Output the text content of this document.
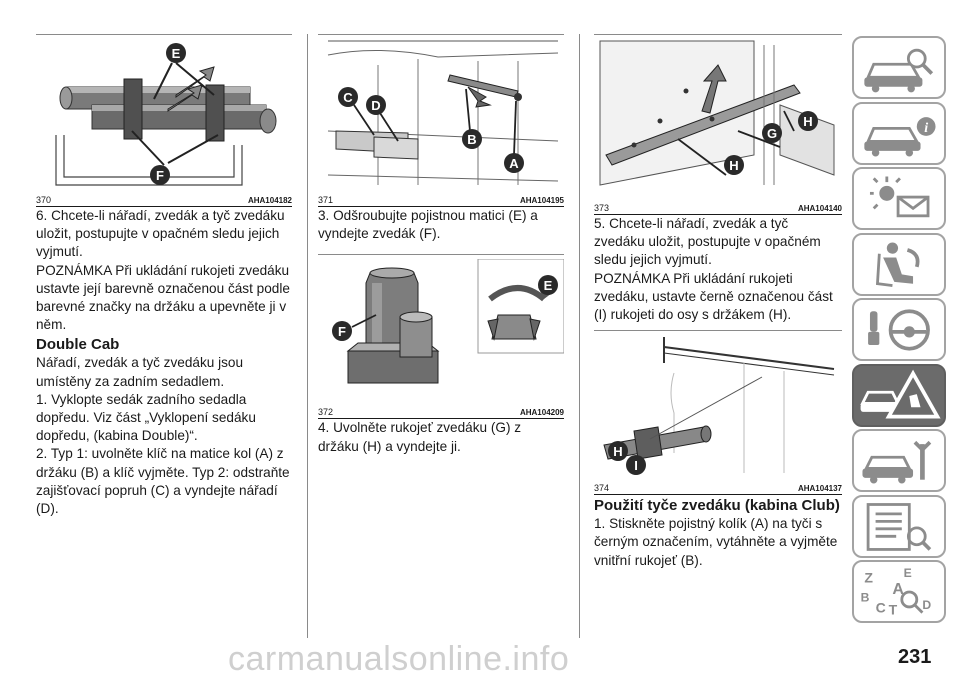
E
F
370	AHA104182

6. Chcete-li nářadí, zvedák a tyč zvedáku uložit, postupujte v opačném sledu jejich vyjmutí.

POZNÁMKA Při ukládání rukojeti zvedáku ustavte její barevně označenou část podle barevné značky na držáku a upevněte ji v něm.

Double Cab

Nářadí, zvedák a tyč zvedáku jsou umístěny za zadním sedadlem.

1. Vyklopte sedák zadního sedadla dopředu. Viz část „Vyklopení sedáku dopředu, (kabina Double)“.

2. Typ 1: uvolněte klíč na matice kol (A) z držáku (B) a klíč vyjměte. Typ 2: odstraňte zajišťovací popruh (C) a vyndejte nářadí (D).

C
D
B
A
371	AHA104195

3. Odšroubujte pojistnou matici (E) a vyndejte zvedák (F).

F
E
372	AHA104209

4. Uvolněte rukojeť zvedáku (G) z držáku (H) a vyndejte ji.

H
G
H
373	AHA104140

5. Chcete-li nářadí, zvedák a tyč zvedáku uložit, postupujte v opačném sledu jejich vyjmutí.

POZNÁMKA Při ukládání rukojeti zvedáku, ustavte černě označenou část (I) rukojeti do osy s držákem (H).

H
I
374	AHA104137
Použití tyče zvedáku (kabina Club)

1. Stiskněte pojistný kolík (A) na tyči s černým označením, vytáhněte a vyjměte vnitřní rukojeť (B).

i
Z E
A
B
C T D
carmanualsonline.info	231
